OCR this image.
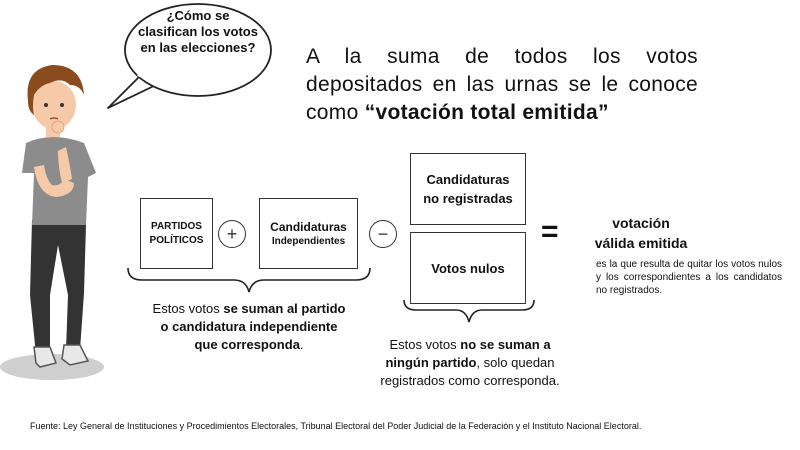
¿Cómo se clasifican los votos en las elecciones? A la suma de todos los votos
depositados en las urnas se le conoce
como “votación total emitida”
PARTIDOS
POLÍTICOS +	Candidaturas
Independientes −
Candidaturas
no registradas
Votos nulos
=	votación
válida emitida
es la que resulta de quitar los votos nulos y los correspondientes a los candidatos no registrados.
Estos votos se suman al partido
o candidatura independiente
que corresponda.	Estos votos no se suman a
ningún partido, solo quedan
registrados como corresponda.
Fuente: Ley General de Instituciones y Procedimientos Electorales, Tribunal Electoral del Poder Judicial de la Federación y el Instituto Nacional Electoral.
